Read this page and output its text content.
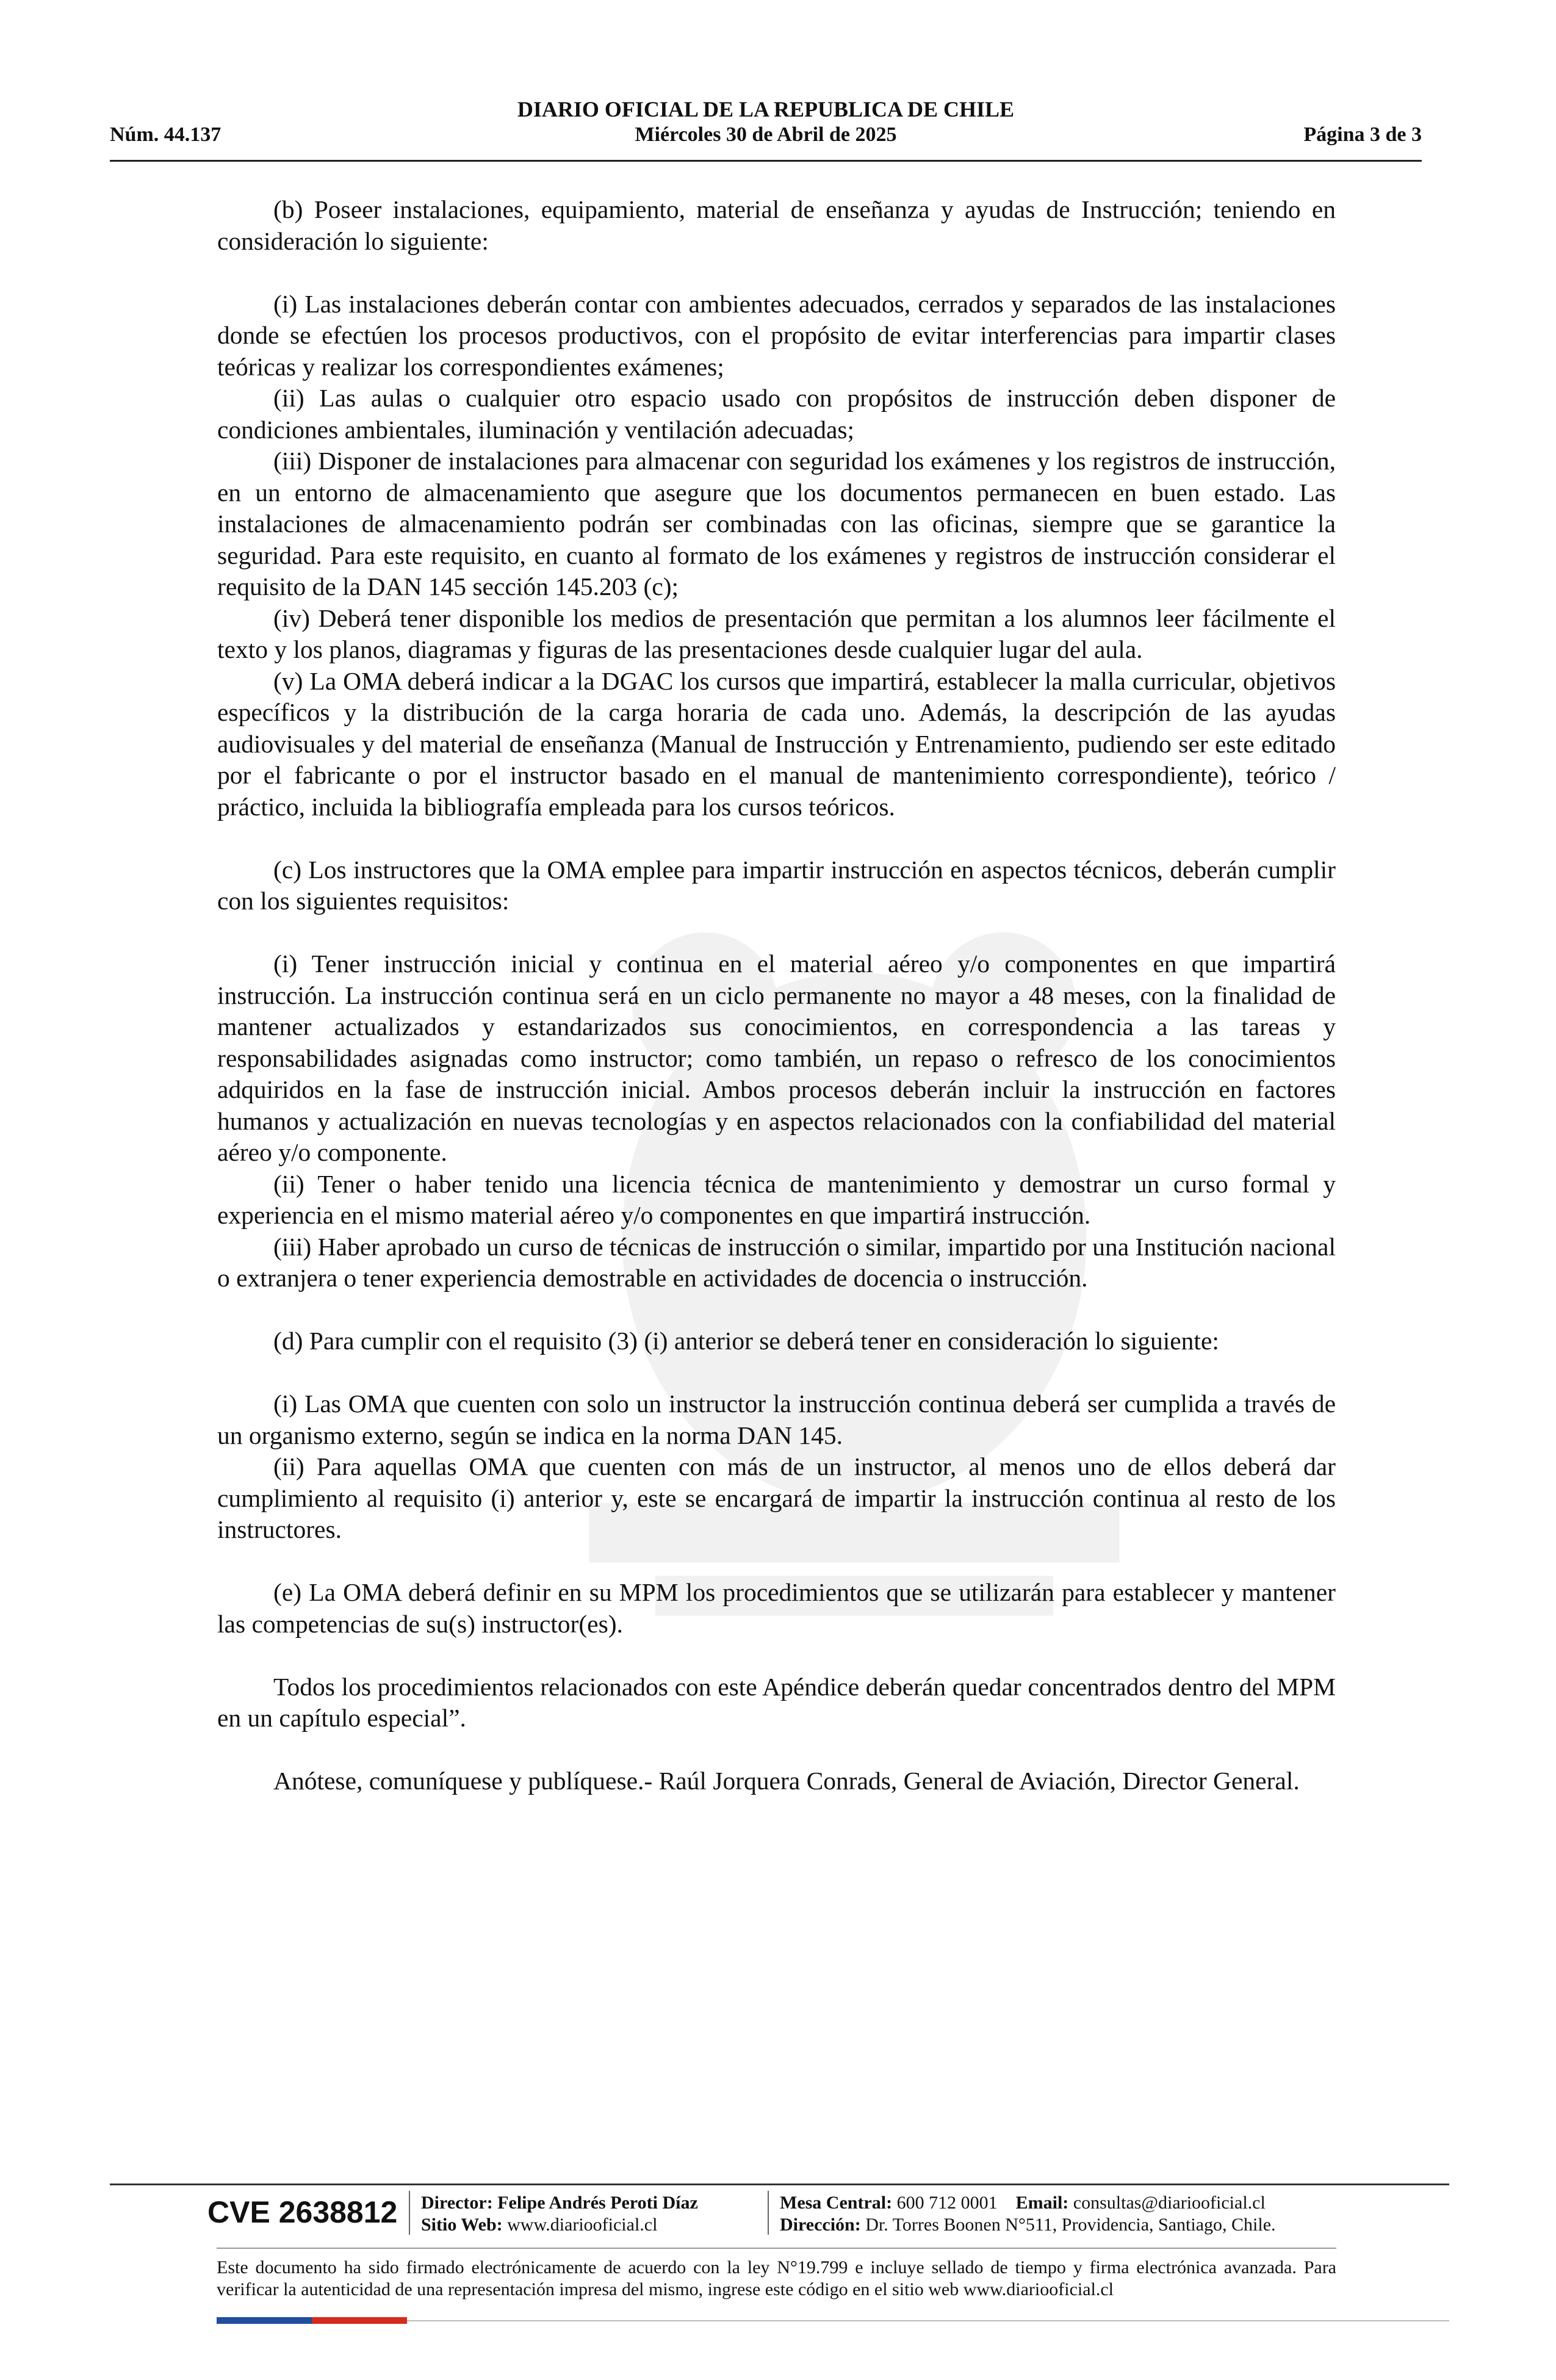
DIARIO OFICIAL DE LA REPUBLICA DE CHILE
Núm. 44.137	Miércoles 30 de Abril de 2025	Página 3 de 3

(b) Poseer instalaciones, equipamiento, material de enseñanza y ayudas de Instrucción; teniendo en consideración lo siguiente:

(i) Las instalaciones deberán contar con ambientes adecuados, cerrados y separados de las instalaciones donde se efectúen los procesos productivos, con el propósito de evitar interferencias para impartir clases teóricas y realizar los correspondientes exámenes;

(ii) Las aulas o cualquier otro espacio usado con propósitos de instrucción deben disponer de condiciones ambientales, iluminación y ventilación adecuadas;

(iii) Disponer de instalaciones para almacenar con seguridad los exámenes y los registros de instrucción, en un entorno de almacenamiento que asegure que los documentos permanecen en buen estado. Las instalaciones de almacenamiento podrán ser combinadas con las oficinas, siempre que se garantice la seguridad. Para este requisito, en cuanto al formato de los exámenes y registros de instrucción considerar el requisito de la DAN 145 sección 145.203 (c);

(iv) Deberá tener disponible los medios de presentación que permitan a los alumnos leer fácilmente el texto y los planos, diagramas y figuras de las presentaciones desde cualquier lugar del aula.

(v) La OMA deberá indicar a la DGAC los cursos que impartirá, establecer la malla curricular, objetivos específicos y la distribución de la carga horaria de cada uno. Además, la descripción de las ayudas audiovisuales y del material de enseñanza (Manual de Instrucción y Entrenamiento, pudiendo ser este editado por el fabricante o por el instructor basado en el manual de mantenimiento correspondiente), teórico / práctico, incluida la bibliografía empleada para los cursos teóricos.

(c) Los instructores que la OMA emplee para impartir instrucción en aspectos técnicos, deberán cumplir con los siguientes requisitos:

(i) Tener instrucción inicial y continua en el material aéreo y/o componentes en que impartirá instrucción. La instrucción continua será en un ciclo permanente no mayor a 48 meses, con la finalidad de mantener actualizados y estandarizados sus conocimientos, en correspondencia a las tareas y responsabilidades asignadas como instructor; como también, un repaso o refresco de los conocimientos adquiridos en la fase de instrucción inicial. Ambos procesos deberán incluir la instrucción en factores humanos y actualización en nuevas tecnologías y en aspectos relacionados con la confiabilidad del material aéreo y/o componente.

(ii) Tener o haber tenido una licencia técnica de mantenimiento y demostrar un curso formal y experiencia en el mismo material aéreo y/o componentes en que impartirá instrucción.

(iii) Haber aprobado un curso de técnicas de instrucción o similar, impartido por una Institución nacional o extranjera o tener experiencia demostrable en actividades de docencia o instrucción.

(d) Para cumplir con el requisito (3) (i) anterior se deberá tener en consideración lo siguiente:

(i) Las OMA que cuenten con solo un instructor la instrucción continua deberá ser cumplida a través de un organismo externo, según se indica en la norma DAN 145.

(ii) Para aquellas OMA que cuenten con más de un instructor, al menos uno de ellos deberá dar cumplimiento al requisito (i) anterior y, este se encargará de impartir la instrucción continua al resto de los instructores.

(e) La OMA deberá definir en su MPM los procedimientos que se utilizarán para establecer y mantener las competencias de su(s) instructor(es).

Todos los procedimientos relacionados con este Apéndice deberán quedar concentrados dentro del MPM en un capítulo especial”.

Anótese, comuníquese y publíquese.- Raúl Jorquera Conrads, General de Aviación, Director General.

CVE 2638812 Director: Felipe Andrés Peroti Díaz
Sitio Web: www.diariooficial.cl
Mesa Central: 600 712 0001 Email: consultas@diariooficial.cl
Dirección: Dr. Torres Boonen N°511, Providencia, Santiago, Chile.
Este documento ha sido firmado electrónicamente de acuerdo con la ley N°19.799 e incluye sellado de tiempo y firma electrónica avanzada. Para verificar la autenticidad de una representación impresa del mismo, ingrese este código en el sitio web www.diariooficial.cl
